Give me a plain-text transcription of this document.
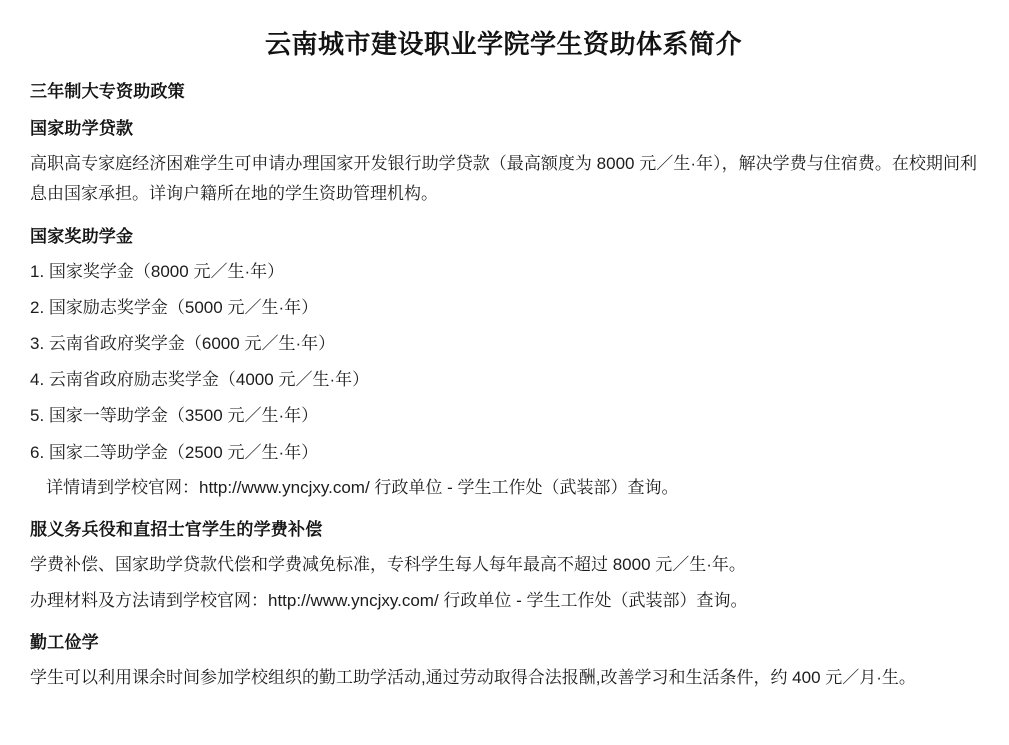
云南城市建设职业学院学生资助体系简介
三年制大专资助政策
国家助学贷款

高职高专家庭经济困难学生可申请办理国家开发银行助学贷款（最高额度为 8000 元／生·年），解决学费与住宿费。在校期间利息由国家承担。详询户籍所在地的学生资助管理机构。

国家奖助学金
1. 国家奖学金（8000 元／生·年）
2. 国家励志奖学金（5000 元／生·年）
3. 云南省政府奖学金（6000 元／生·年）
4. 云南省政府励志奖学金（4000 元／生·年）
5. 国家一等助学金（3500 元／生·年）
6. 国家二等助学金（2500 元／生·年）

详情请到学校官网：http://www.yncjxy.com/ 行政单位 - 学生工作处（武装部）查询。

服义务兵役和直招士官学生的学费补偿

学费补偿、国家助学贷款代偿和学费减免标准，专科学生每人每年最高不超过 8000 元／生·年。

办理材料及方法请到学校官网：http://www.yncjxy.com/ 行政单位 - 学生工作处（武装部）查询。

勤工俭学

学生可以利用课余时间参加学校组织的勤工助学活动,通过劳动取得合法报酬,改善学习和生活条件，约 400 元／月·生。
